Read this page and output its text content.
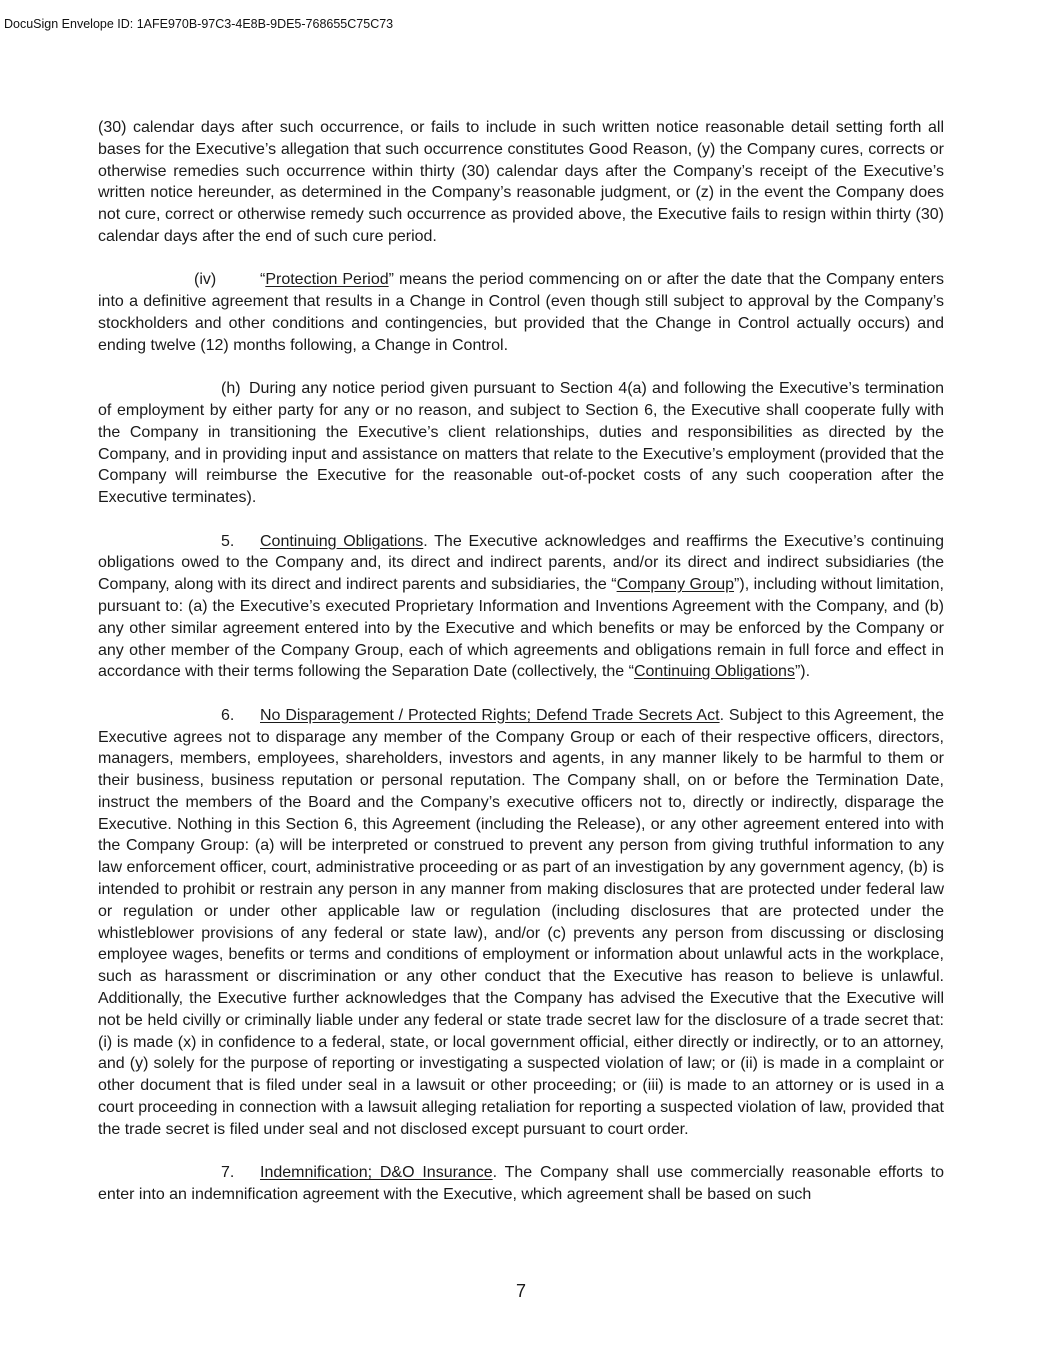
DocuSign Envelope ID: 1AFE970B-97C3-4E8B-9DE5-768655C75C73

(30) calendar days after such occurrence, or fails to include in such written notice reasonable detail setting forth all bases for the Executive’s allegation that such occurrence constitutes Good Reason, (y) the Company cures, corrects or otherwise remedies such occurrence within thirty (30) calendar days after the Company’s receipt of the Executive’s written notice hereunder, as determined in the Company’s reasonable judgment, or (z) in the event the Company does not cure, correct or otherwise remedy such occurrence as provided above, the Executive fails to resign within thirty (30) calendar days after the end of such cure period.

(iv)	“Protection Period” means the period commencing on or after the date that the Company enters into a definitive agreement that results in a Change in Control (even though still subject to approval by the Company’s stockholders and other conditions and contingencies, but provided that the Change in Control actually occurs) and ending twelve (12) months following, a Change in Control.

(h) During any notice period given pursuant to Section 4(a) and following the Executive’s termination of employment by either party for any or no reason, and subject to Section 6, the Executive shall cooperate fully with the Company in transitioning the Executive’s client relationships, duties and responsibilities as directed by the Company, and in providing input and assistance on matters that relate to the Executive’s employment (provided that the Company will reimburse the Executive for the reasonable out-of-pocket costs of any such cooperation after the Executive terminates).

5. Continuing Obligations. The Executive acknowledges and reaffirms the Executive’s continuing obligations owed to the Company and, its direct and indirect parents, and/or its direct and indirect subsidiaries (the Company, along with its direct and indirect parents and subsidiaries, the “Company Group”), including without limitation, pursuant to: (a) the Executive’s executed Proprietary Information and Inventions Agreement with the Company, and (b) any other similar agreement entered into by the Executive and which benefits or may be enforced by the Company or any other member of the Company Group, each of which agreements and obligations remain in full force and effect in accordance with their terms following the Separation Date (collectively, the “Continuing Obligations”).

6. No Disparagement / Protected Rights; Defend Trade Secrets Act. Subject to this Agreement, the Executive agrees not to disparage any member of the Company Group or each of their respective officers, directors, managers, members, employees, shareholders, investors and agents, in any manner likely to be harmful to them or their business, business reputation or personal reputation. The Company shall, on or before the Termination Date, instruct the members of the Board and the Company’s executive officers not to, directly or indirectly, disparage the Executive. Nothing in this Section 6, this Agreement (including the Release), or any other agreement entered into with the Company Group: (a) will be interpreted or construed to prevent any person from giving truthful information to any law enforcement officer, court, administrative proceeding or as part of an investigation by any government agency, (b) is intended to prohibit or restrain any person in any manner from making disclosures that are protected under federal law or regulation or under other applicable law or regulation (including disclosures that are protected under the whistleblower provisions of any federal or state law), and/or (c) prevents any person from discussing or disclosing employee wages, benefits or terms and conditions of employment or information about unlawful acts in the workplace, such as harassment or discrimination or any other conduct that the Executive has reason to believe is unlawful. Additionally, the Executive further acknowledges that the Company has advised the Executive that the Executive will not be held civilly or criminally liable under any federal or state trade secret law for the disclosure of a trade secret that: (i) is made (x) in confidence to a federal, state, or local government official, either directly or indirectly, or to an attorney, and (y) solely for the purpose of reporting or investigating a suspected violation of law; or (ii) is made in a complaint or other document that is filed under seal in a lawsuit or other proceeding; or (iii) is made to an attorney or is used in a court proceeding in connection with a lawsuit alleging retaliation for reporting a suspected violation of law, provided that the trade secret is filed under seal and not disclosed except pursuant to court order.

7. Indemnification; D&O Insurance. The Company shall use commercially reasonable efforts to enter into an indemnification agreement with the Executive, which agreement shall be based on such

7
